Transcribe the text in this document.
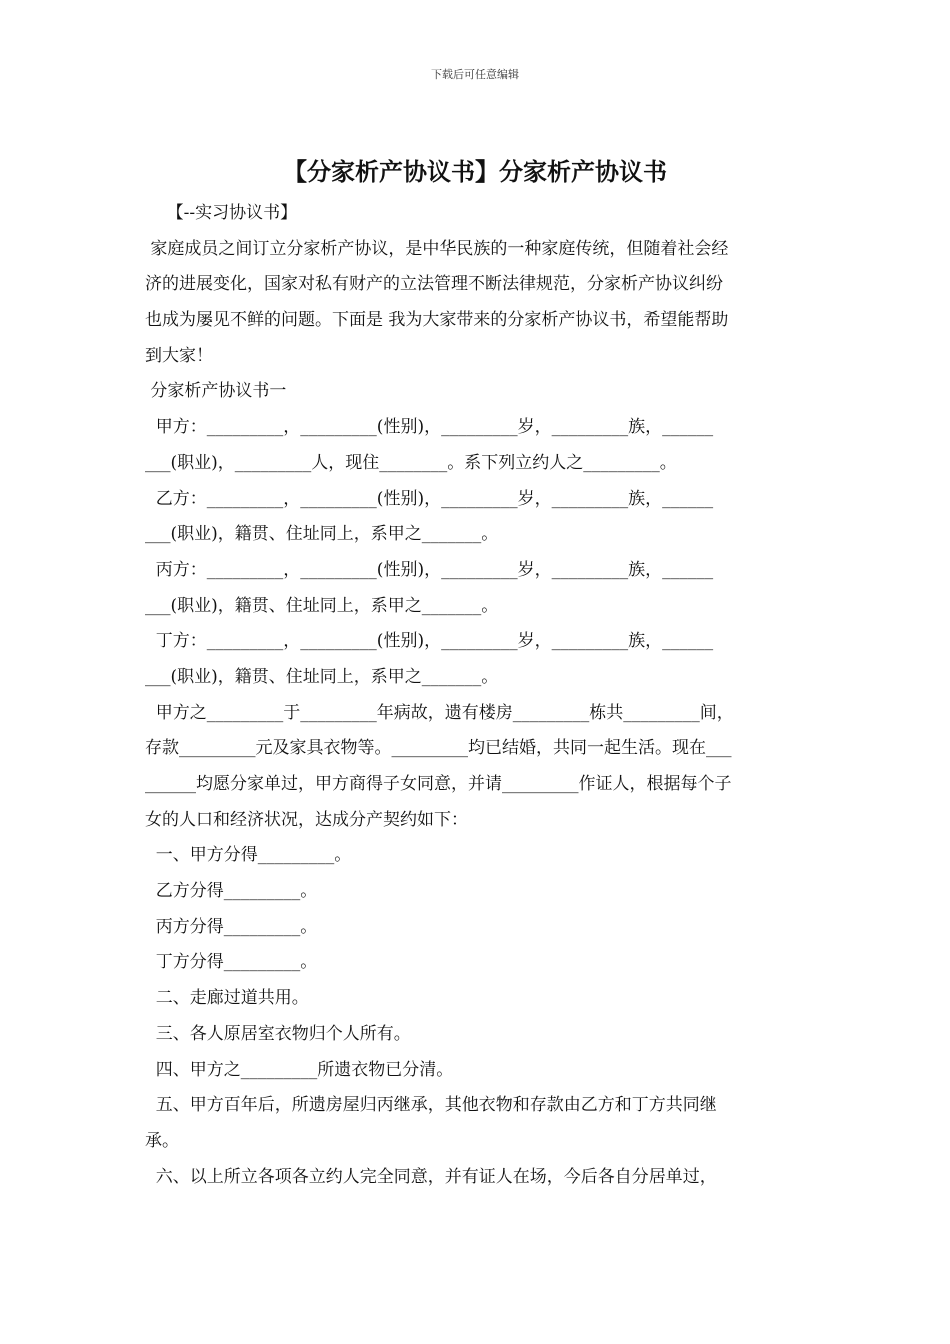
下载后可任意编辑
【分家析产协议书】分家析产协议书
【--实习协议书】
家庭成员之间订立分家析产协议，是中华民族的一种家庭传统，但随着社会经
济的进展变化，国家对私有财产的立法管理不断法律规范，分家析产协议纠纷
也成为屡见不鲜的问题。下面是 我为大家带来的分家析产协议书，希望能帮助
到大家！
分家析产协议书一
甲方：_________，_________(性别)，_________岁，_________族，______
___(职业)，_________人，现住________。系下列立约人之_________。
乙方：_________，_________(性别)，_________岁，_________族，______
___(职业)，籍贯、住址同上，系甲之_______。
丙方：_________，_________(性别)，_________岁，_________族，______
___(职业)，籍贯、住址同上，系甲之_______。
丁方：_________，_________(性别)，_________岁，_________族，______
___(职业)，籍贯、住址同上，系甲之_______。
甲方之_________于_________年病故，遗有楼房_________栋共_________间，
存款_________元及家具衣物等。_________均已结婚，共同一起生活。现在___
______均愿分家单过，甲方商得子女同意，并请_________作证人，根据每个子
女的人口和经济状况，达成分产契约如下：
一、甲方分得_________。
乙方分得_________。
丙方分得_________。
丁方分得_________。
二、走廊过道共用。
三、各人原居室衣物归个人所有。
四、甲方之_________所遗衣物已分清。
五、甲方百年后，所遗房屋归丙继承，其他衣物和存款由乙方和丁方共同继
承。
六、以上所立各项各立约人完全同意，并有证人在场，今后各自分居单过，
